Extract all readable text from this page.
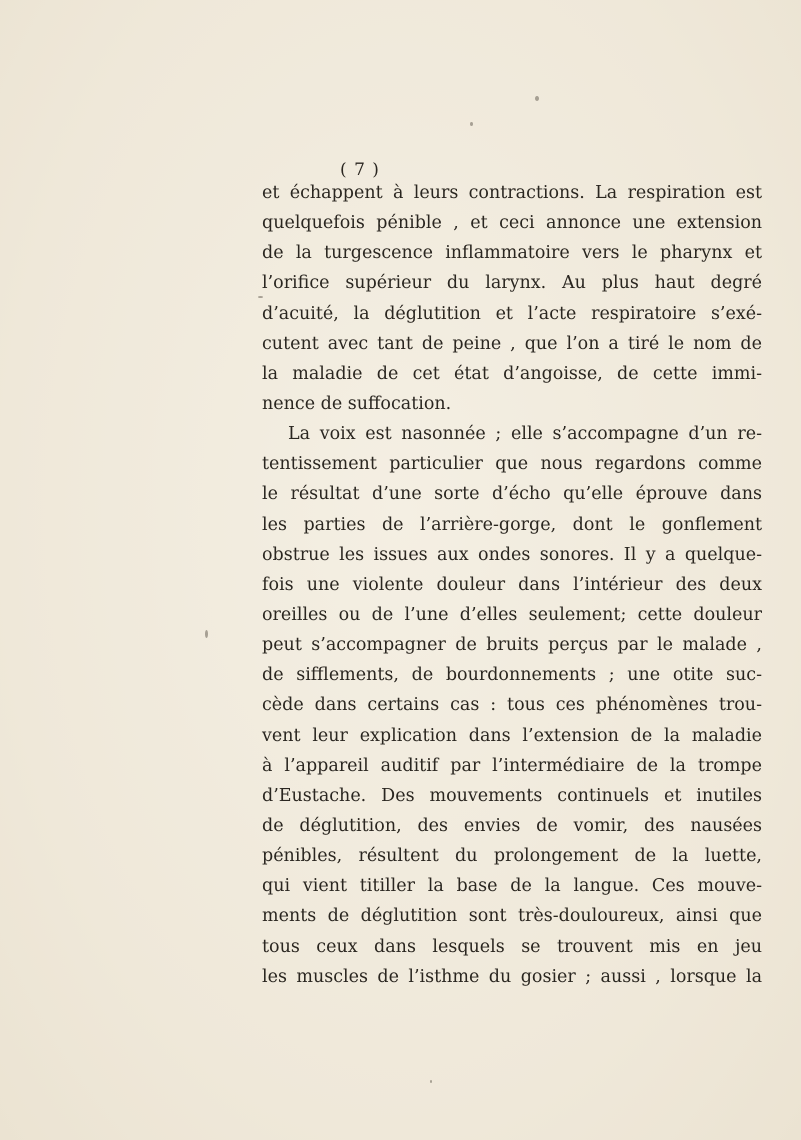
( 7 )
et échappent à leurs contractions. La respiration est
quelquefois pénible , et ceci annonce une extension
de la turgescence inflammatoire vers le pharynx et
l’orifice supérieur du larynx. Au plus haut degré
d’acuité, la déglutition et l’acte respiratoire s’exé-
cutent avec tant de peine , que l’on a tiré le nom de
la maladie de cet état d’angoisse, de cette immi-
nence de suffocation.
La voix est nasonnée ; elle s’accompagne d’un re-
tentissement particulier que nous regardons comme
le résultat d’une sorte d’écho qu’elle éprouve dans
les parties de l’arrière-gorge, dont le gonflement
obstrue les issues aux ondes sonores. Il y a quelque-
fois une violente douleur dans l’intérieur des deux
oreilles ou de l’une d’elles seulement; cette douleur
peut s’accompagner de bruits perçus par le malade ,
de sifflements, de bourdonnements ; une otite suc-
cède dans certains cas : tous ces phénomènes trou-
vent leur explication dans l’extension de la maladie
à l’appareil auditif par l’intermédiaire de la trompe
d’Eustache. Des mouvements continuels et inutiles
de déglutition, des envies de vomir, des nausées
pénibles, résultent du prolongement de la luette,
qui vient titiller la base de la langue. Ces mouve-
ments de déglutition sont très-douloureux, ainsi que
tous ceux dans lesquels se trouvent mis en jeu
les muscles de l’isthme du gosier ; aussi , lorsque la
